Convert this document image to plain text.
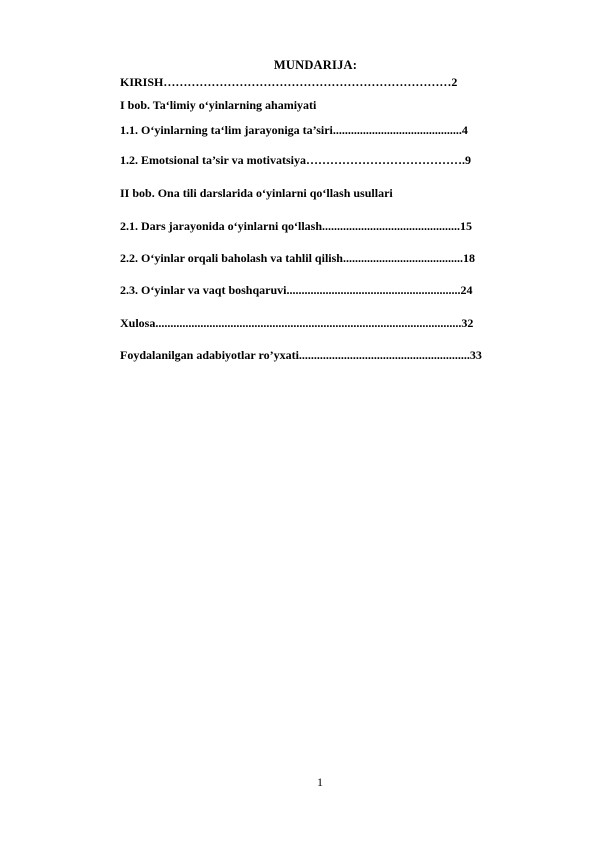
MUNDARIJA:
KIRISH………………………………………………………………2
I bob. Ta‘limiy o‘yinlarning ahamiyati
1.1. O‘yinlarning ta‘lim jarayoniga ta’siri...........................................4
1.2. Emotsional ta’sir va motivatsiya………………………………….9
II bob. Ona tili darslarida o‘yinlarni qo‘llash usullari
2.1. Dars jarayonida o‘yinlarni qo‘llash..............................................15
2.2. O‘yinlar orqali baholash va tahlil qilish........................................18
2.3. O‘yinlar va vaqt boshqaruvi..........................................................24
Xulosa......................................................................................................32
Foydalanilgan adabiyotlar ro’yxati.........................................................33
1
